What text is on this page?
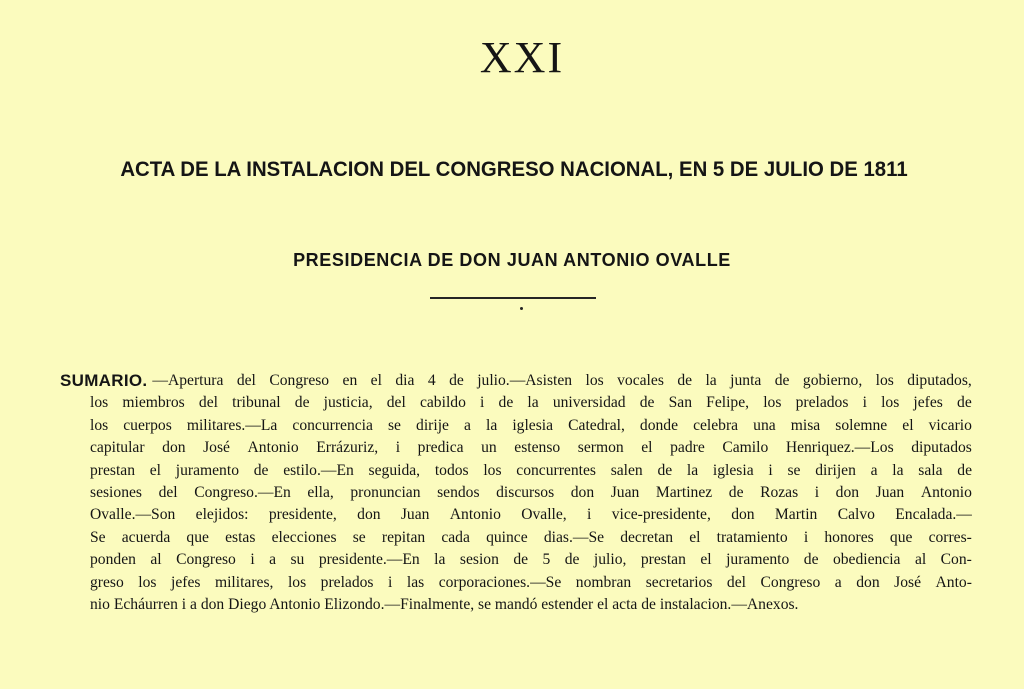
XXI
ACTA DE LA INSTALACION DEL CONGRESO NACIONAL, EN 5 DE JULIO DE 1811
PRESIDENCIA DE DON JUAN ANTONIO OVALLE
SUMARIO. —Apertura del Congreso en el dia 4 de julio.—Asisten los vocales de la junta de gobierno, los diputados,
los miembros del tribunal de justicia, del cabildo i de la universidad de San Felipe, los prelados i los jefes de
los cuerpos militares.—La concurrencia se dirije a la iglesia Catedral, donde celebra una misa solemne el vicario
capitular don José Antonio Errázuriz, i predica un estenso sermon el padre Camilo Henriquez.—Los diputados
prestan el juramento de estilo.—En seguida, todos los concurrentes salen de la iglesia i se dirijen a la sala de
sesiones del Congreso.—En ella, pronuncian sendos discursos don Juan Martinez de Rozas i don Juan Antonio
Ovalle.—Son elejidos: presidente, don Juan Antonio Ovalle, i vice-presidente, don Martin Calvo Encalada.—
Se acuerda que estas elecciones se repitan cada quince dias.—Se decretan el tratamiento i honores que corres-
ponden al Congreso i a su presidente.—En la sesion de 5 de julio, prestan el juramento de obediencia al Con-
greso los jefes militares, los prelados i las corporaciones.—Se nombran secretarios del Congreso a don José Anto-
nio Echáurren i a don Diego Antonio Elizondo.—Finalmente, se mandó estender el acta de instalacion.—Anexos.
